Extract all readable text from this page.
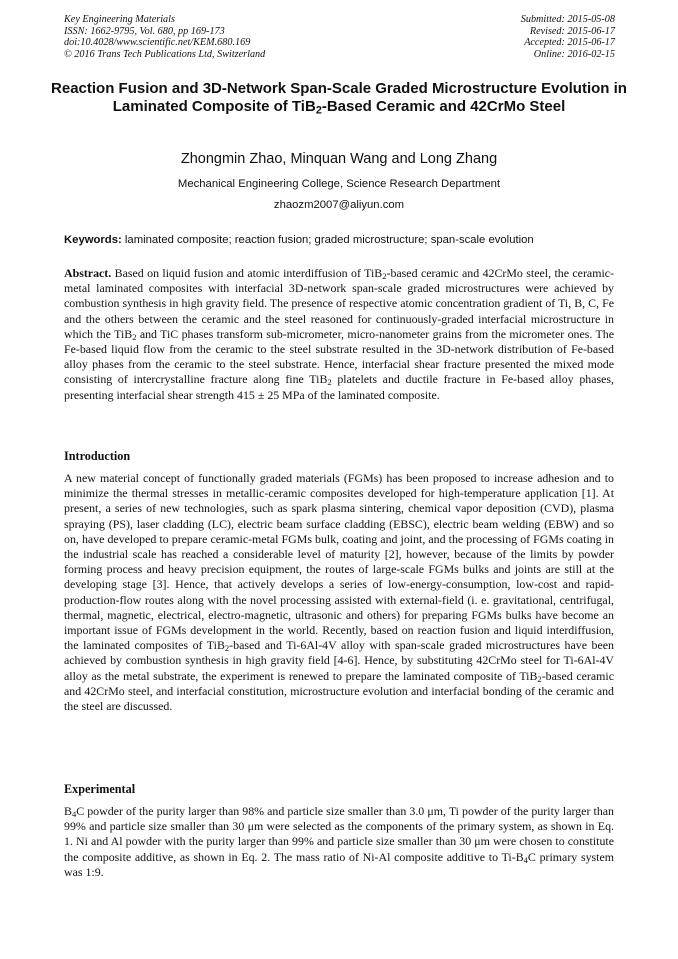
Key Engineering Materials
ISSN: 1662-9795, Vol. 680, pp 169-173
doi:10.4028/www.scientific.net/KEM.680.169
© 2016 Trans Tech Publications Ltd, Switzerland
Submitted: 2015-05-08
Revised: 2015-06-17
Accepted: 2015-06-17
Online: 2016-02-15
Reaction Fusion and 3D-Network Span-Scale Graded Microstructure Evolution in Laminated Composite of TiB$_2$-Based Ceramic and 42CrMo Steel
Zhongmin Zhao, Minquan Wang and Long Zhang
Mechanical Engineering College, Science Research Department
zhaozm2007@aliyun.com
Keywords: laminated composite; reaction fusion; graded microstructure; span-scale evolution
Abstract. Based on liquid fusion and atomic interdiffusion of TiB$_2$-based ceramic and 42CrMo steel, the ceramic-metal laminated composites with interfacial 3D-network span-scale graded microstructures were achieved by combustion synthesis in high gravity field. The presence of respective atomic concentration gradient of Ti, B, C, Fe and the others between the ceramic and the steel reasoned for continuously-graded interfacial microstructure in which the TiB$_2$ and TiC phases transform sub-micrometer, micro-nanometer grains from the micrometer ones. The Fe-based liquid flow from the ceramic to the steel substrate resulted in the 3D-network distribution of Fe-based alloy phases from the ceramic to the steel substrate. Hence, interfacial shear fracture presented the mixed mode consisting of intercrystalline fracture along fine TiB$_2$ platelets and ductile fracture in Fe-based alloy phases, presenting interfacial shear strength 415 ± 25 MPa of the laminated composite.
Introduction
A new material concept of functionally graded materials (FGMs) has been proposed to increase adhesion and to minimize the thermal stresses in metallic-ceramic composites developed for high-temperature application [1]. At present, a series of new technologies, such as spark plasma sintering, chemical vapor deposition (CVD), plasma spraying (PS), laser cladding (LC), electric beam surface cladding (EBSC), electric beam welding (EBW) and so on, have developed to prepare ceramic-metal FGMs bulk, coating and joint, and the processing of FGMs coating in the industrial scale has reached a considerable level of maturity [2], however, because of the limits by powder forming process and heavy precision equipment, the routes of large-scale FGMs bulks and joints are still at the developing stage [3]. Hence, that actively develops a series of low-energy-consumption, low-cost and rapid-production-flow routes along with the novel processing assisted with external-field (i. e. gravitational, centrifugal, thermal, magnetic, electrical, electro-magnetic, ultrasonic and others) for preparing FGMs bulks have become an important issue of FGMs development in the world. Recently, based on reaction fusion and liquid interdiffusion, the laminated composites of TiB$_2$-based and Ti-6Al-4V alloy with span-scale graded microstructures have been achieved by combustion synthesis in high gravity field [4-6]. Hence, by substituting 42CrMo steel for Ti-6Al-4V alloy as the metal substrate, the experiment is renewed to prepare the laminated composite of TiB$_2$-based ceramic and 42CrMo steel, and interfacial constitution, microstructure evolution and interfacial bonding of the ceramic and the steel are discussed.
Experimental
$B_4C$ powder of the purity larger than 98% and particle size smaller than 3.0 μm, Ti powder of the purity larger than 99% and particle size smaller than 30 μm were selected as the components of the primary system, as shown in Eq. 1. Ni and Al powder with the purity larger than 99% and particle size smaller than 30 μm were chosen to constitute the composite additive, as shown in Eq. 2. The mass ratio of Ni-Al composite additive to $Ti-B_4C$ primary system was 1:9.
